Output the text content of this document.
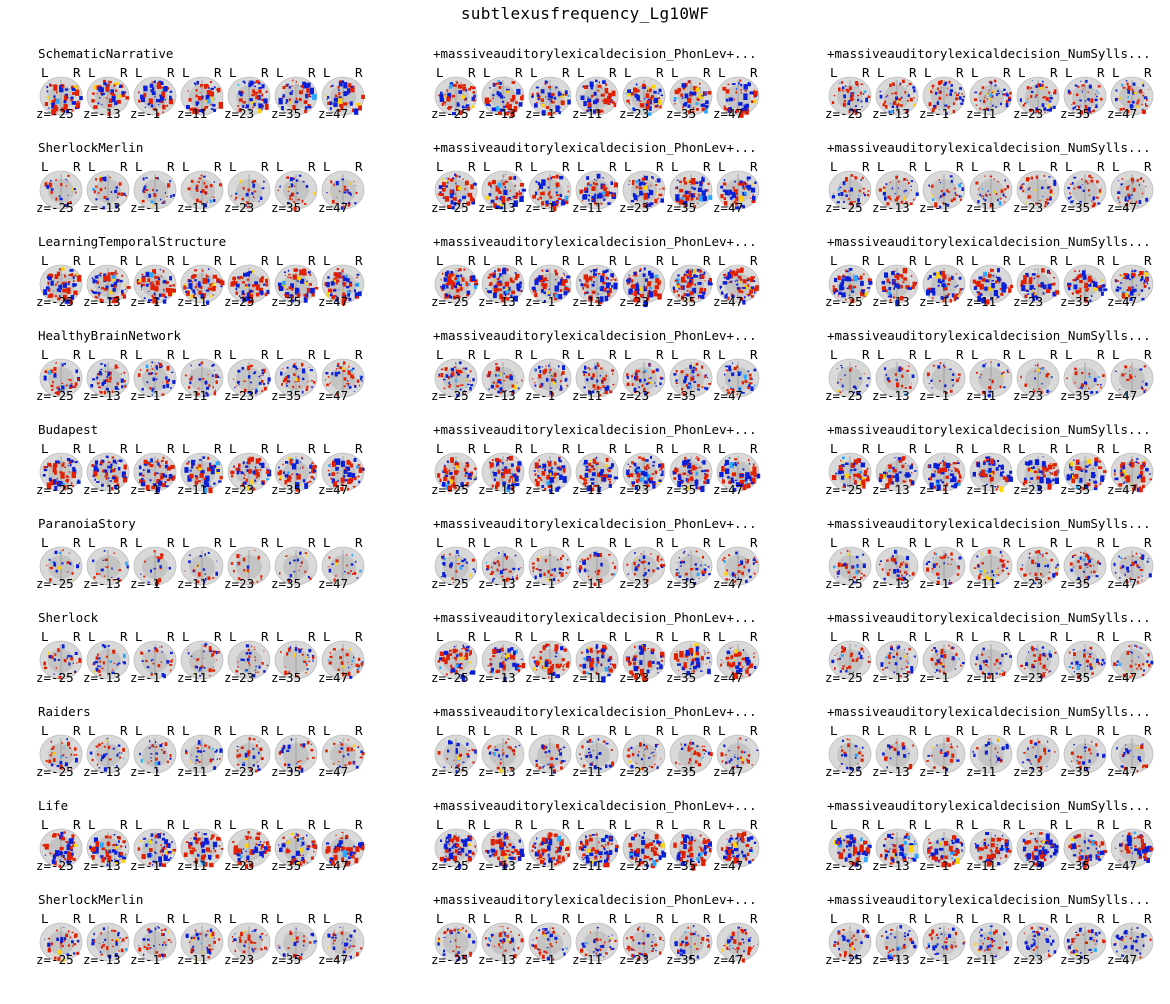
subtlexusfrequency_Lg10WF
SchematicNarrative
L R
z=-25
L R
z=-13
L R
z=-1
L R
z=11
L R
z=23
L R
z=35
L R
z=47
SherlockMerlin
L R
z=-25
L R
z=-13
L R
z=-1
L R
z=11
L R
z=23
L R
z=35
L R
z=47
LearningTemporalStructure
L R
z=-25
L R
z=-13
L R
z=-1
L R
z=11
L R
z=23
L R
z=35
L R
z=47
HealthyBrainNetwork
L R
z=-25
L R
z=-13
L R
z=-1
L R
z=11
L R
z=23
L R
z=35
L R
z=47
Budapest
L R
z=-25
L R
z=-13
L R
z=-1
L R
z=11
L R
z=23
L R
z=35
L R
z=47
ParanoiaStory
L R
z=-25
L R
z=-13
L R
z=-1
L R
z=11
L R
z=23
L R
z=35
L R
z=47
Sherlock
L R
z=-25
L R
z=-13
L R
z=-1
L R
z=11
L R
z=23
L R
z=35
L R
z=47
Raiders
L R
z=-25
L R
z=-13
L R
z=-1
L R
z=11
L R
z=23
L R
z=35
L R
z=47
Life
L R
z=-25
L R
z=-13
L R
z=-1
L R
z=11
L R
z=23
L R
z=35
L R
z=47
SherlockMerlin
L R
z=-25
L R
z=-13
L R
z=-1
L R
z=11
L R
z=23
L R
z=35
L R
z=47
+massiveauditorylexicaldecision_PhonLev+...
L R
z=-25
L R
z=-13
L R
z=-1
L R
z=11
L R
z=23
L R
z=35
L R
z=47
+massiveauditorylexicaldecision_PhonLev+...
L R
z=-25
L R
z=-13
L R
z=-1
L R
z=11
L R
z=23
L R
z=35
L R
z=47
+massiveauditorylexicaldecision_PhonLev+...
L R
z=-25
L R
z=-13
L R
z=-1
L R
z=11
L R
z=23
L R
z=35
L R
z=47
+massiveauditorylexicaldecision_PhonLev+...
L R
z=-25
L R
z=-13
L R
z=-1
L R
z=11
L R
z=23
L R
z=35
L R
z=47
+massiveauditorylexicaldecision_PhonLev+...
L R
z=-25
L R
z=-13
L R
z=-1
L R
z=11
L R
z=23
L R
z=35
L R
z=47
+massiveauditorylexicaldecision_PhonLev+...
L R
z=-25
L R
z=-13
L R
z=-1
L R
z=11
L R
z=23
L R
z=35
L R
z=47
+massiveauditorylexicaldecision_PhonLev+...
L R
z=-25
L R
z=-13
L R
z=-1
L R
z=11
L R
z=23
L R
z=35
L R
z=47
+massiveauditorylexicaldecision_PhonLev+...
L R
z=-25
L R
z=-13
L R
z=-1
L R
z=11
L R
z=23
L R
z=35
L R
z=47
+massiveauditorylexicaldecision_PhonLev+...
L R
z=-25
L R
z=-13
L R
z=-1
L R
z=11
L R
z=23
L R
z=35
L R
z=47
+massiveauditorylexicaldecision_PhonLev+...
L R
z=-25
L R
z=-13
L R
z=-1
L R
z=11
L R
z=23
L R
z=35
L R
z=47
+massiveauditorylexicaldecision_NumSylls...
L R
z=-25
L R
z=-13
L R
z=-1
L R
z=11
L R
z=23
L R
z=35
L R
z=47
+massiveauditorylexicaldecision_NumSylls...
L R
z=-25
L R
z=-13
L R
z=-1
L R
z=11
L R
z=23
L R
z=35
L R
z=47
+massiveauditorylexicaldecision_NumSylls...
L R
z=-25
L R
z=-13
L R
z=-1
L R
z=11
L R
z=23
L R
z=35
L R
z=47
+massiveauditorylexicaldecision_NumSylls...
L R
z=-25
L R
z=-13
L R
z=-1
L R
z=11
L R
z=23
L R
z=35
L R
z=47
+massiveauditorylexicaldecision_NumSylls...
L R
z=-25
L R
z=-13
L R
z=-1
L R
z=11
L R
z=23
L R
z=35
L R
z=47
+massiveauditorylexicaldecision_NumSylls...
L R
z=-25
L R
z=-13
L R
z=-1
L R
z=11
L R
z=23
L R
z=35
L R
z=47
+massiveauditorylexicaldecision_NumSylls...
L R
z=-25
L R
z=-13
L R
z=-1
L R
z=11
L R
z=23
L R
z=35
L R
z=47
+massiveauditorylexicaldecision_NumSylls...
L R
z=-25
L R
z=-13
L R
z=-1
L R
z=11
L R
z=23
L R
z=35
L R
z=47
+massiveauditorylexicaldecision_NumSylls...
L R
z=-25
L R
z=-13
L R
z=-1
L R
z=11
L R
z=23
L R
z=35
L R
z=47
+massiveauditorylexicaldecision_NumSylls...
L R
z=-25
L R
z=-13
L R
z=-1
L R
z=11
L R
z=23
L R
z=35
L R
z=47
